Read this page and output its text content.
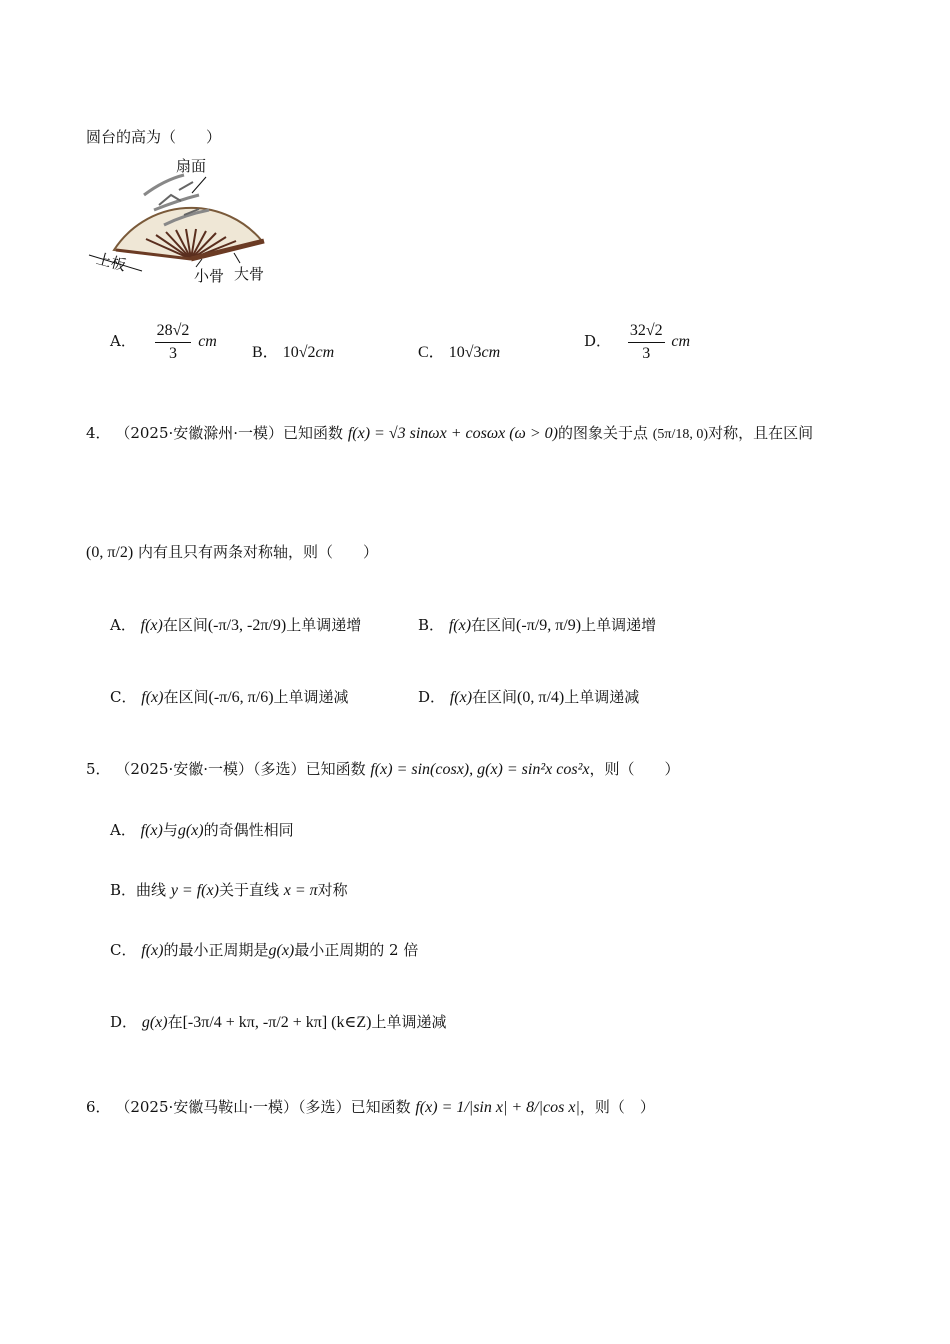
圆台的高为（　　）
扇面
上板
小骨 大骨
A． $\frac{28√2}{3}$ cm
B． 10√2cm	C． 10√3cm
D． $\frac{32√2}{3}$ cm
4． （2025·安徽滁州·一模）已知函数 f(x) = √3 sinωx + cosωx (ω > 0)的图象关于点 (5π/18, 0)对称，且在区间
(0, π/2) 内有且只有两条对称轴，则（　　）
A． f(x)在区间(-π/3, -2π/9)上单调递增	B． f(x)在区间(-π/9, π/9)上单调递增
C． f(x)在区间(-π/6, π/6)上单调递减	D． f(x)在区间(0, π/4)上单调递减
5． （2025·安徽·一模）（多选）已知函数 f(x) = sin(cosx), g(x) = sin²x cos²x，则（　　）
A． f(x)与g(x)的奇偶性相同
B．曲线 y = f(x)关于直线 x = π对称
C． f(x)的最小正周期是g(x)最小正周期的 2 倍
D． g(x)在[-3π/4 + kπ, -π/2 + kπ] (k∈Z)上单调递减
6． （2025·安徽马鞍山·一模）（多选）已知函数 f(x) = 1/|sin x| + 8/|cos x|，则（　）
